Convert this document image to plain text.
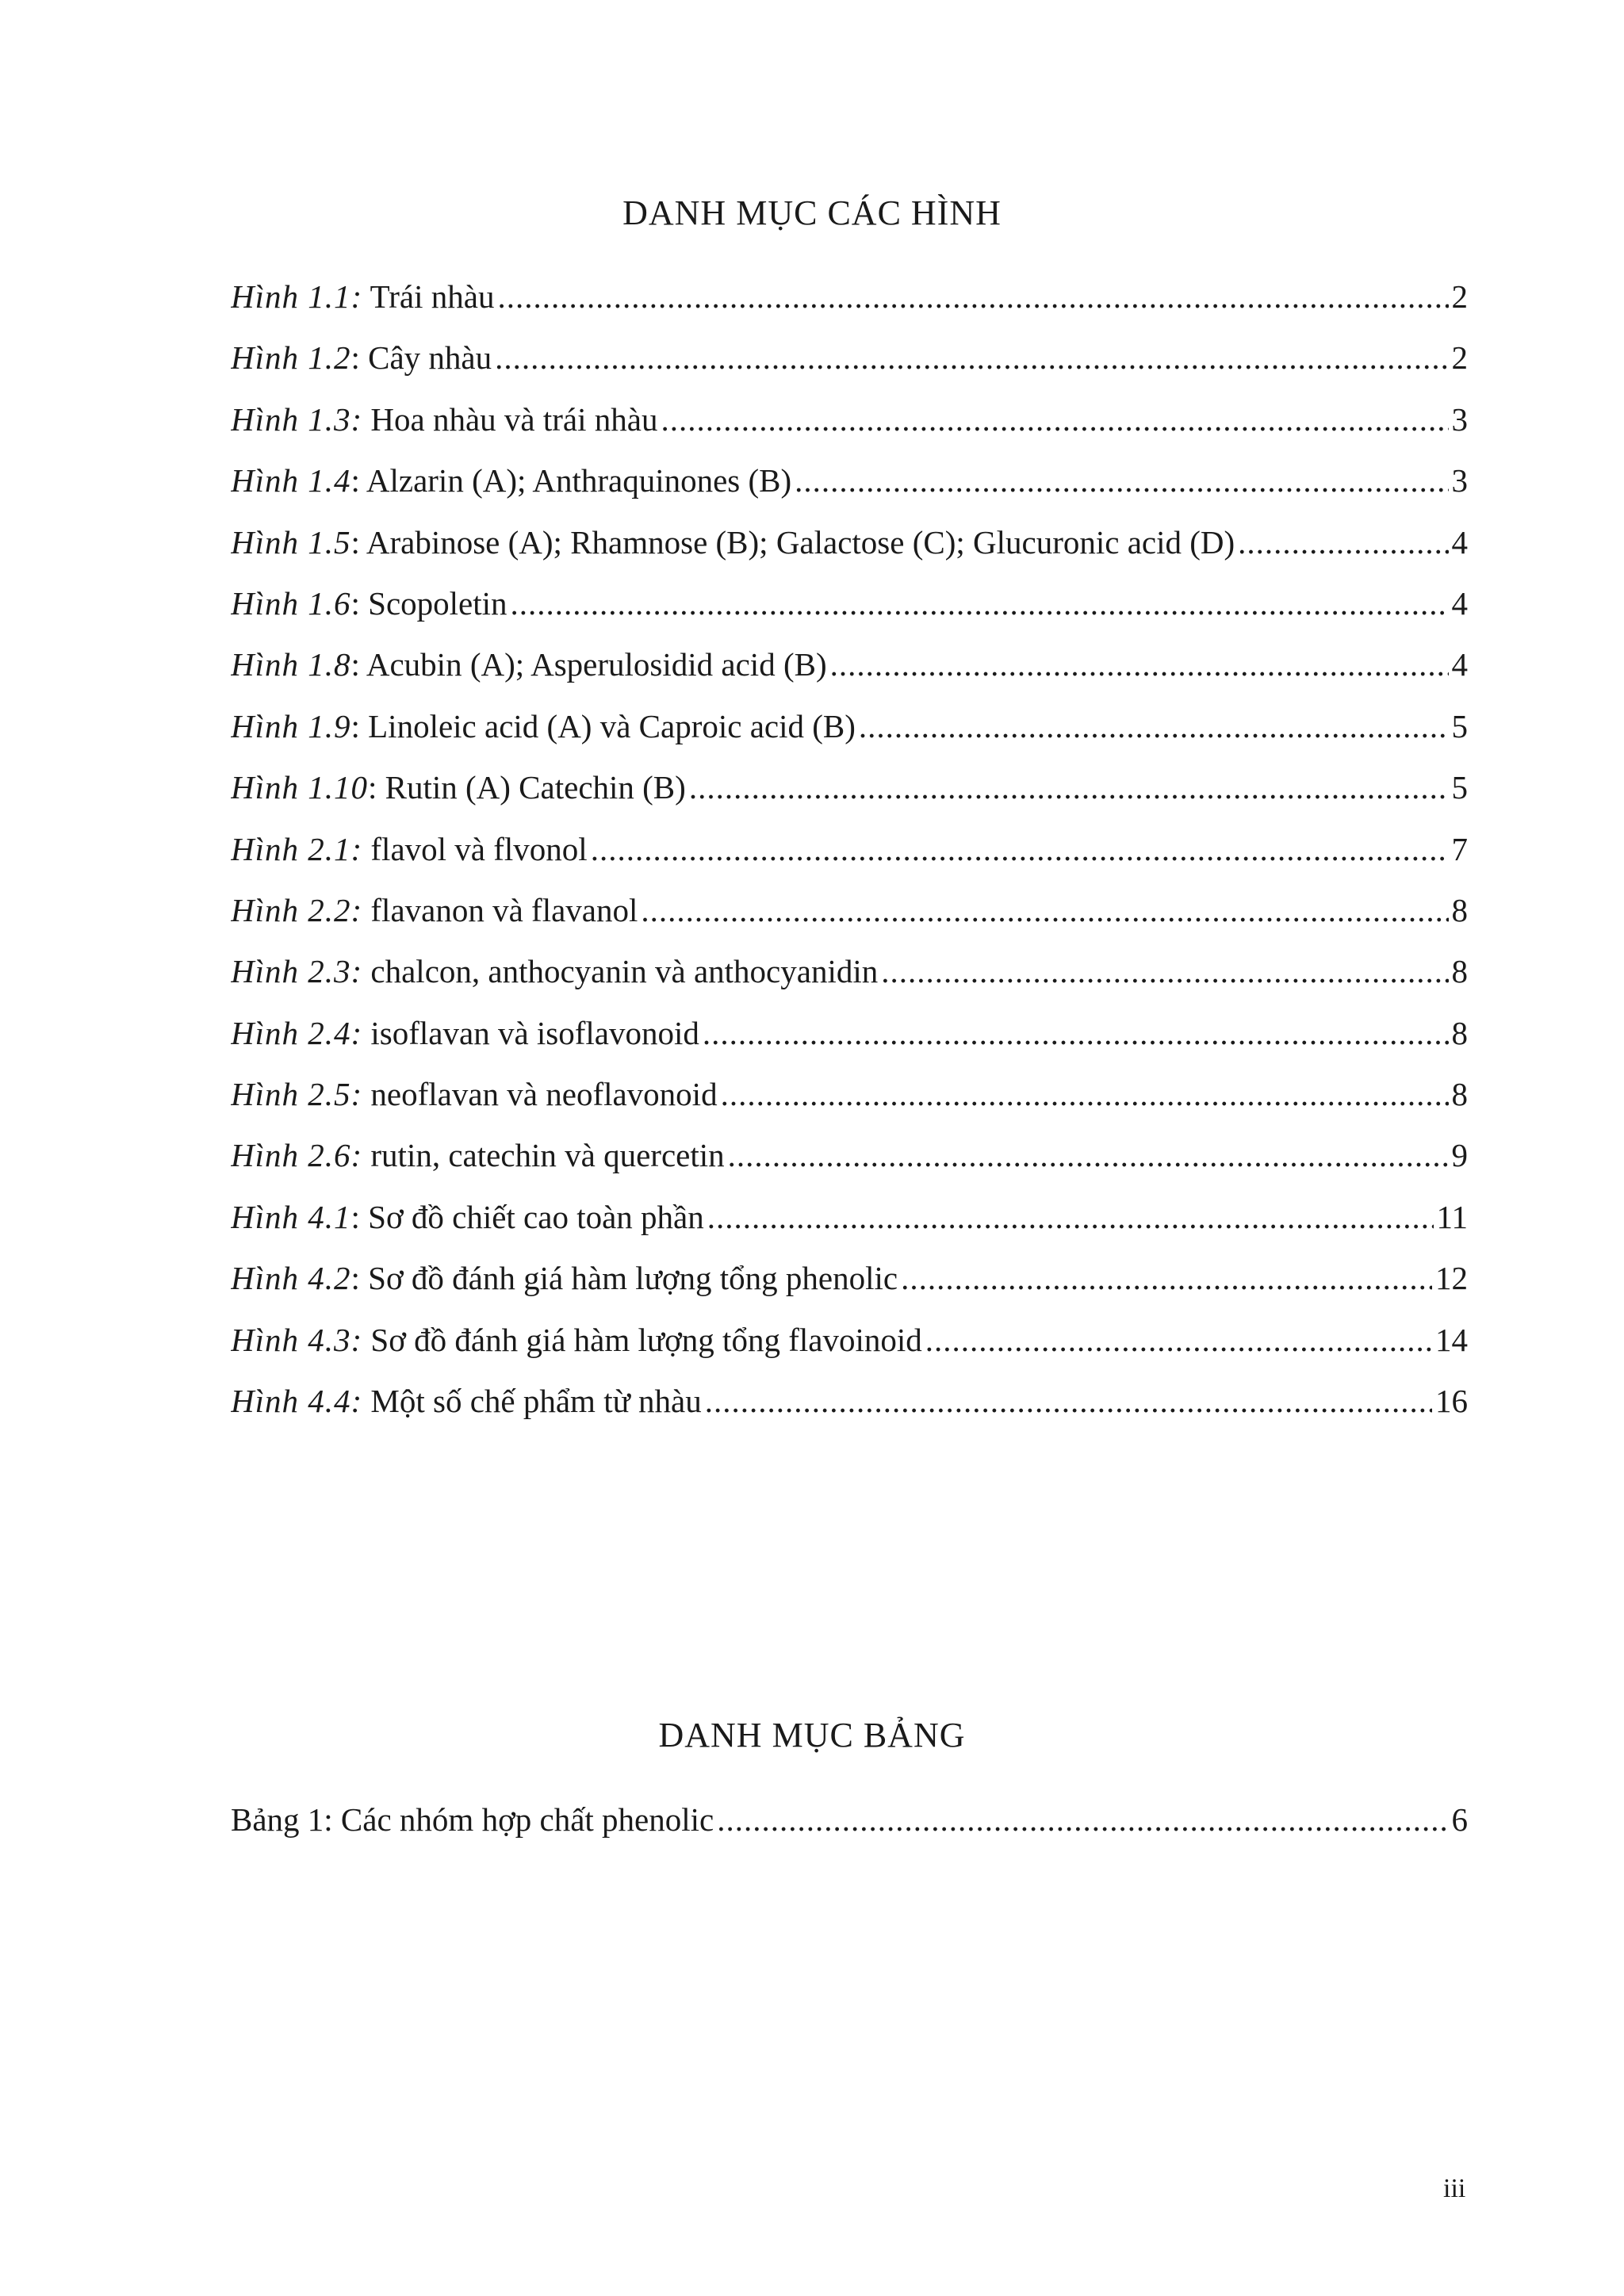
DANH MỤC CÁC HÌNH
Hình 1.1: Trái nhàu .....	2
Hình 1.2: Cây nhàu .....	2
Hình 1.3: Hoa nhàu và trái nhàu .....	3
Hình 1.4: Alzarin (A); Anthraquinones (B) .....	3
Hình 1.5: Arabinose (A); Rhamnose (B); Galactose (C); Glucuronic acid (D) .....	4
Hình 1.6: Scopoletin .....	4
Hình 1.8: Acubin (A); Asperulosidid acid (B) .....	4
Hình 1.9: Linoleic acid (A) và Caproic acid (B) .....	5
Hình 1.10: Rutin (A) Catechin (B) .....	5
Hình 2.1: flavol và flvonol .....	7
Hình 2.2: flavanon và flavanol .....	8
Hình 2.3: chalcon, anthocyanin và anthocyanidin .....	8
Hình 2.4: isoflavan và isoflavonoid .....	8
Hình 2.5: neoflavan và neoflavonoid .....	8
Hình 2.6: rutin, catechin và quercetin .....	9
Hình 4.1: Sơ đồ chiết cao toàn phần .....	11
Hình 4.2: Sơ đồ đánh giá hàm lượng tổng phenolic .....	12
Hình 4.3: Sơ đồ đánh giá hàm lượng tổng flavoinoid .....	14
Hình 4.4: Một số chế phẩm từ nhàu .....	16
DANH MỤC BẢNG
Bảng 1: Các nhóm hợp chất phenolic .....	6
iii
